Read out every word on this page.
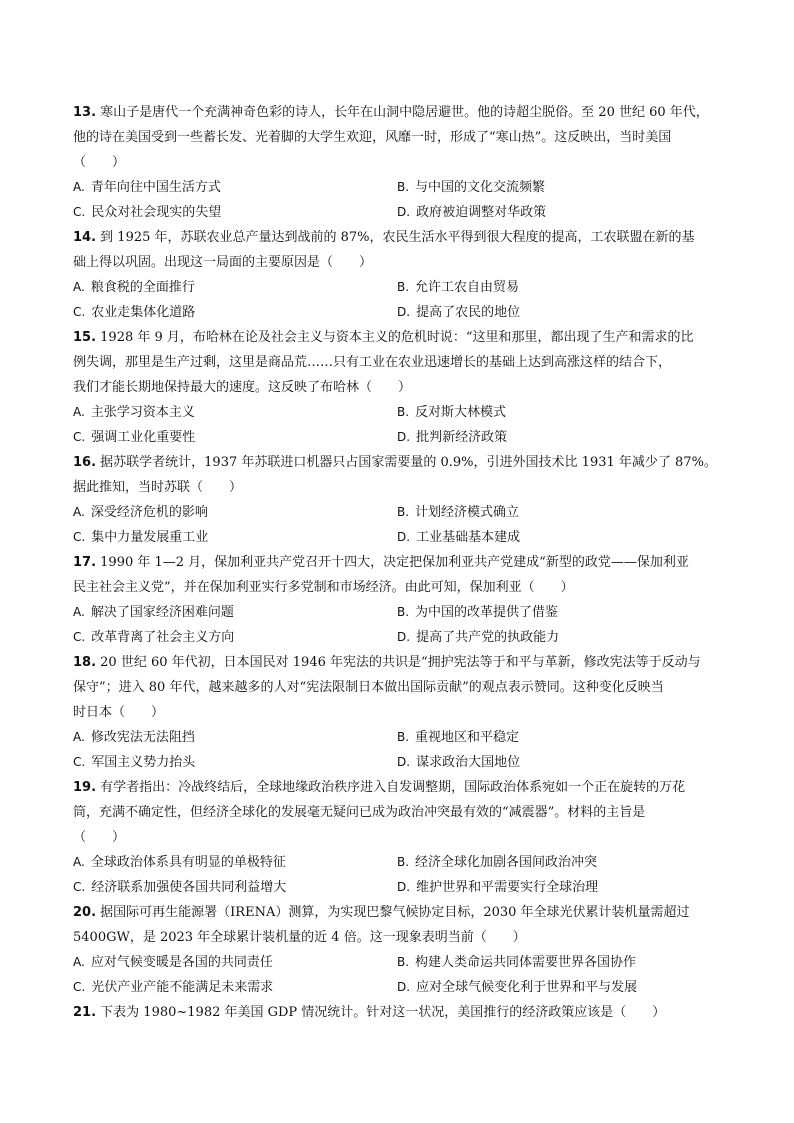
13. 寒山子是唐代一个充满神奇色彩的诗人，长年在山洞中隐居避世。他的诗超尘脱俗。至 20 世纪 60 年代，
他的诗在美国受到一些蓄长发、光着脚的大学生欢迎，风靡一时，形成了“寒山热”。这反映出，当时美国
（　　）
A. 青年向往中国生活方式	B. 与中国的文化交流频繁
C. 民众对社会现实的失望	D. 政府被迫调整对华政策
14. 到 1925 年，苏联农业总产量达到战前的 87%，农民生活水平得到很大程度的提高，工农联盟在新的基
础上得以巩固。出现这一局面的主要原因是（　　）
A. 粮食税的全面推行	B. 允许工农自由贸易
C. 农业走集体化道路	D. 提高了农民的地位
15. 1928 年 9 月，布哈林在论及社会主义与资本主义的危机时说：“这里和那里，都出现了生产和需求的比
例失调，那里是生产过剩，这里是商品荒……只有工业在农业迅速增长的基础上达到高涨这样的结合下，
我们才能长期地保持最大的速度。这反映了布哈林（　　）
A. 主张学习资本主义	B. 反对斯大林模式
C. 强调工业化重要性	D. 批判新经济政策
16. 据苏联学者统计，1937 年苏联进口机器只占国家需要量的 0.9%，引进外国技术比 1931 年减少了 87%。
据此推知，当时苏联（　　）
A. 深受经济危机的影响	B. 计划经济模式确立
C. 集中力量发展重工业	D. 工业基础基本建成
17. 1990 年 1—2 月，保加利亚共产党召开十四大，决定把保加利亚共产党建成“新型的政党——保加利亚
民主社会主义党”，并在保加利亚实行多党制和市场经济。由此可知，保加利亚（　　）
A. 解决了国家经济困难问题	B. 为中国的改革提供了借鉴
C. 改革背离了社会主义方向	D. 提高了共产党的执政能力
18. 20 世纪 60 年代初，日本国民对 1946 年宪法的共识是“拥护宪法等于和平与革新，修改宪法等于反动与
保守”；进入 80 年代，越来越多的人对“宪法限制日本做出国际贡献”的观点表示赞同。这种变化反映当
时日本（　　）
A. 修改宪法无法阻挡	B. 重视地区和平稳定
C. 军国主义势力抬头	D. 谋求政治大国地位
19. 有学者指出：冷战终结后，全球地缘政治秩序进入自发调整期，国际政治体系宛如一个正在旋转的万花
筒，充满不确定性，但经济全球化的发展毫无疑问已成为政治冲突最有效的“减震器”。材料的主旨是
（　　）
A. 全球政治体系具有明显的单极特征	B. 经济全球化加剧各国间政治冲突
C. 经济联系加强使各国共同利益增大	D. 维护世界和平需要实行全球治理
20. 据国际可再生能源署（IRENA）测算，为实现巴黎气候协定目标，2030 年全球光伏累计装机量需超过
5400GW，是 2023 年全球累计装机量的近 4 倍。这一现象表明当前（　　）
A. 应对气候变暖是各国的共同责任	B. 构建人类命运共同体需要世界各国协作
C. 光伏产业产能不能满足未来需求	D. 应对全球气候变化利于世界和平与发展
21. 下表为 1980~1982 年美国 GDP 情况统计。针对这一状况，美国推行的经济政策应该是（　　）
